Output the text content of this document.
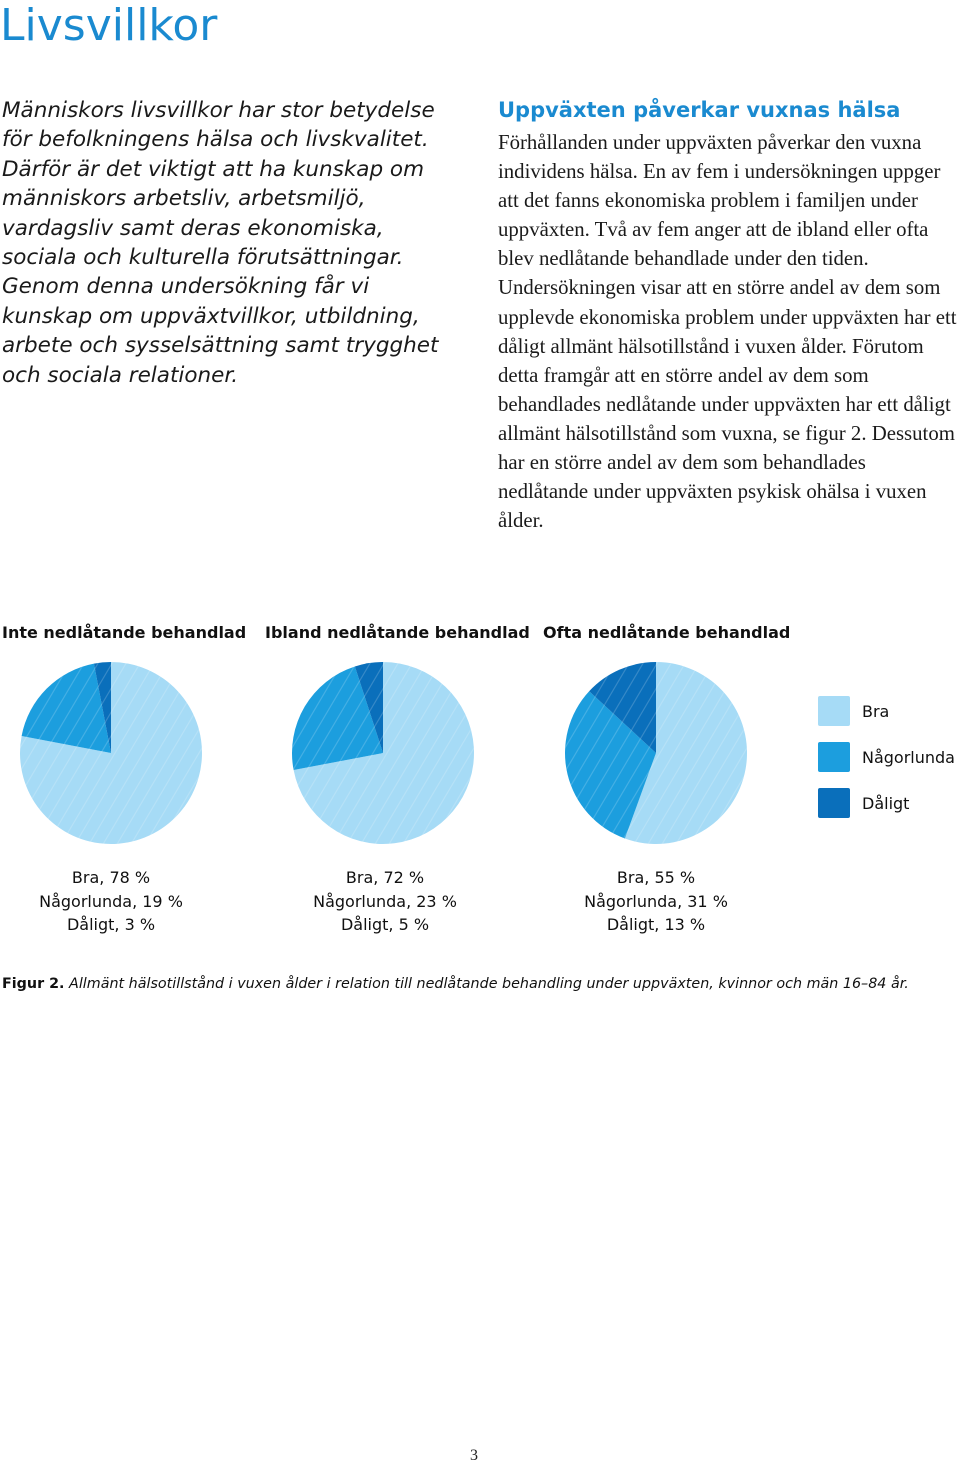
Livsvillkor

Människors livsvillkor har stor betydelse för befolkningens hälsa och livskvalitet. Därför är det viktigt att ha kunskap om människors arbetsliv, arbetsmiljö, vardagsliv samt deras ekonomiska, sociala och kulturella förutsättningar. Genom denna undersökning får vi kunskap om uppväxtvillkor, utbildning, arbete och sysselsättning samt trygghet och sociala relationer.

Uppväxten påverkar vuxnas hälsa

Förhållanden under uppväxten påverkar den vuxna individens hälsa. En av fem i undersökningen uppger att det fanns ekonomiska problem i familjen under uppväxten. Två av fem anger att de ibland eller ofta blev nedlåtande behandlade under den tiden. Undersökningen visar att en större andel av dem som upplevde ekonomiska problem under uppväxten har ett dåligt allmänt hälsotillstånd i vuxen ålder. Förutom detta framgår att en större andel av dem som behandlades nedlåtande under uppväxten har ett dåligt allmänt hälsotillstånd som vuxna, se figur 2. Dessutom har en större andel av dem som behandlades nedlåtande under uppväxten psykisk ohälsa i vuxen ålder.

Inte nedlåtande behandlad
Bra, 78 %
Någorlunda, 19 %
Dåligt, 3 %
Ibland nedlåtande behandlad
Bra, 72 %
Någorlunda, 23 %
Dåligt, 5 %
Ofta nedlåtande behandlad
Bra, 55 %
Någorlunda, 31 %
Dåligt, 13 %
Bra
Någorlunda
Dåligt

Figur 2. Allmänt hälsotillstånd i vuxen ålder i relation till nedlåtande behandling under uppväxten, kvinnor och män 16–84 år.

3
